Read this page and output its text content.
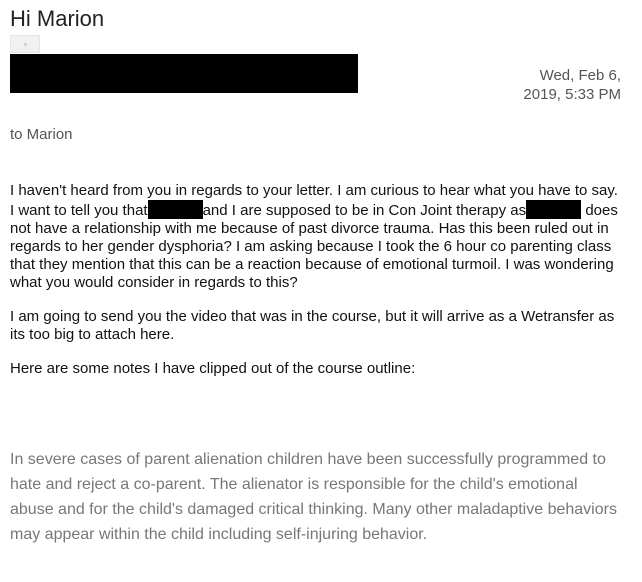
Hi Marion
Wed, Feb 6,
2019, 5:33 PM
to Marion

I haven't heard from you in regards to your letter. I am curious to hear what you have to say.

I want to tell you that	and I are supposed to be in Con Joint therapy as	does not have a relationship with me because of past divorce trauma. Has this been ruled out in regards to her gender dysphoria? I am asking because I took the 6 hour co parenting class that they mention that this can be a reaction because of emotional turmoil. I was wondering what you would consider in regards to this?

I am going to send you the video that was in the course, but it will arrive as a Wetransfer as its too big to attach here.

Here are some notes I have clipped out of the course outline:

In severe cases of parent alienation children have been successfully programmed to hate and reject a co-parent. The alienator is responsible for the child's emotional abuse and for the child's damaged critical thinking. Many other maladaptive behaviors may appear within the child including self-injuring behavior.
